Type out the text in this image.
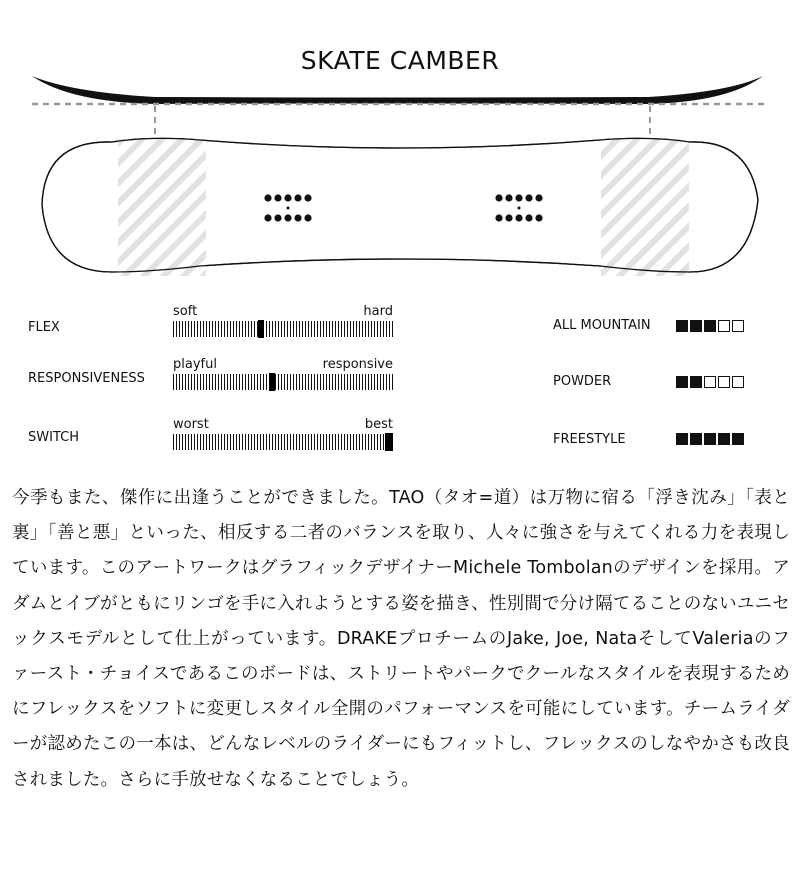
SKATE CAMBER
FLEX
soft	hard
RESPONSIVENESS
playful	responsive
SWITCH
worst	best
ALL MOUNTAIN
POWDER
FREESTYLE

今季もまた、傑作に出逢うことができました。TAO（タオ=道）は万物に宿る「浮き沈み」「表と裏」「善と悪」といった、相反する二者のバランスを取り、人々に強さを与えてくれる力を表現しています。このアートワークはグラフィックデザイナーMichele Tombolanのデザインを採用。アダムとイブがともにリンゴを手に入れようとする姿を描き、性別間で分け隔てることのないユニセックスモデルとして仕上がっています。DRAKEプロチームのJake, Joe, NataそしてValeriaのファースト・チョイスであるこのボードは、ストリートやパークでクールなスタイルを表現するためにフレックスをソフトに変更しスタイル全開のパフォーマンスを可能にしています。チームライダーが認めたこの一本は、どんなレベルのライダーにもフィットし、フレックスのしなやかさも改良されました。さらに手放せなくなることでしょう。
